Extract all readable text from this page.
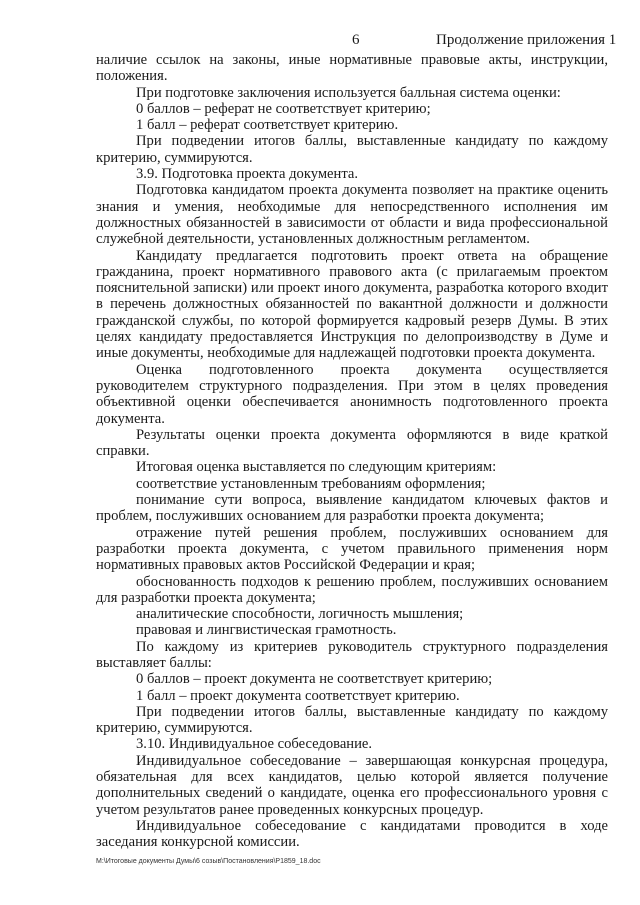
6	Продолжение приложения 1

наличие ссылок на законы, иные нормативные правовые акты, инструкции, положения.

При подготовке заключения используется балльная система оценки:

0 баллов – реферат не соответствует критерию;

1 балл – реферат соответствует критерию.

При подведении итогов баллы, выставленные кандидату по каждому критерию, суммируются.

3.9. Подготовка проекта документа.

Подготовка кандидатом проекта документа позволяет на практике оценить знания и умения, необходимые для непосредственного исполнения им должностных обязанностей в зависимости от области и вида профессиональной служебной деятельности, установленных должностным регламентом.

Кандидату предлагается подготовить проект ответа на обращение гражданина, проект нормативного правового акта (с прилагаемым проектом пояснительной записки) или проект иного документа, разработка которого входит в перечень должностных обязанностей по вакантной должности и должности гражданской службы, по которой формируется кадровый резерв Думы. В этих целях кандидату предоставляется Инструкция по делопроизводству в Думе и иные документы, необходимые для надлежащей подготовки проекта документа.

Оценка подготовленного проекта документа осуществляется руководителем структурного подразделения. При этом в целях проведения объективной оценки обеспечивается анонимность подготовленного проекта документа.

Результаты оценки проекта документа оформляются в виде краткой справки.

Итоговая оценка выставляется по следующим критериям:

соответствие установленным требованиям оформления;

понимание сути вопроса, выявление кандидатом ключевых фактов и проблем, послуживших основанием для разработки проекта документа;

отражение путей решения проблем, послуживших основанием для разработки проекта документа, с учетом правильного применения норм нормативных правовых актов Российской Федерации и края;

обоснованность подходов к решению проблем, послуживших основанием для разработки проекта документа;

аналитические способности, логичность мышления;

правовая и лингвистическая грамотность.

По каждому из критериев руководитель структурного подразделения выставляет баллы:

0 баллов – проект документа не соответствует критерию;

1 балл – проект документа соответствует критерию.

При подведении итогов баллы, выставленные кандидату по каждому критерию, суммируются.

3.10. Индивидуальное собеседование.

Индивидуальное собеседование – завершающая конкурсная процедура, обязательная для всех кандидатов, целью которой является получение дополнительных сведений о кандидате, оценка его профессионального уровня с учетом результатов ранее проведенных конкурсных процедур.

Индивидуальное собеседование с кандидатами проводится в ходе заседания конкурсной комиссии.

M:\Итоговые документы Думы\6 созыв\Постановления\P1859_18.doc
